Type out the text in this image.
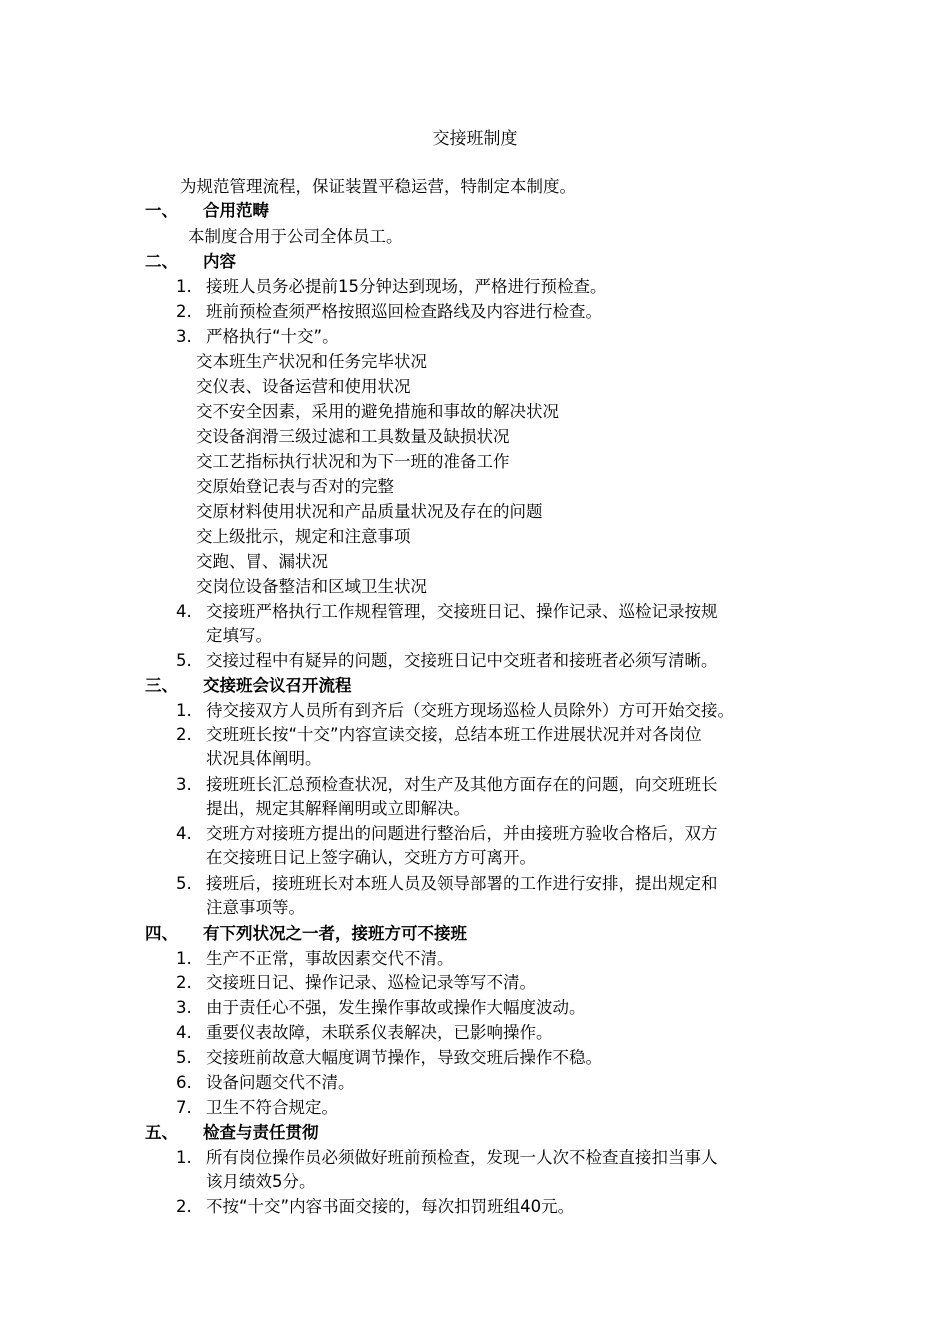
交接班制度
为规范管理流程，保证装置平稳运营，特制定本制度。
一、 合用范畴
本制度合用于公司全体员工。
二、 内容
1. 接班人员务必提前15分钟达到现场，严格进行预检查。
2. 班前预检查须严格按照巡回检查路线及内容进行检查。
3. 严格执行“十交”。
交本班生产状况和任务完毕状况
交仪表、设备运营和使用状况
交不安全因素，采用的避免措施和事故的解决状况
交设备润滑三级过滤和工具数量及缺损状况
交工艺指标执行状况和为下一班的准备工作
交原始登记表与否对的完整
交原材料使用状况和产品质量状况及存在的问题
交上级批示，规定和注意事项
交跑、冒、漏状况
交岗位设备整洁和区域卫生状况
4. 交接班严格执行工作规程管理，交接班日记、操作记录、巡检记录按规
定填写。
5. 交接过程中有疑异的问题，交接班日记中交班者和接班者必须写清晰。
三、 交接班会议召开流程
1. 待交接双方人员所有到齐后（交班方现场巡检人员除外）方可开始交接。
2. 交班班长按“十交”内容宣读交接，总结本班工作进展状况并对各岗位
状况具体阐明。
3. 接班班长汇总预检查状况，对生产及其他方面存在的问题，向交班班长
提出，规定其解释阐明或立即解决。
4. 交班方对接班方提出的问题进行整治后，并由接班方验收合格后，双方
在交接班日记上签字确认，交班方方可离开。
5. 接班后，接班班长对本班人员及领导部署的工作进行安排，提出规定和
注意事项等。
四、 有下列状况之一者，接班方可不接班
1. 生产不正常，事故因素交代不清。
2. 交接班日记、操作记录、巡检记录等写不清。
3. 由于责任心不强，发生操作事故或操作大幅度波动。
4. 重要仪表故障，未联系仪表解决，已影响操作。
5. 交接班前故意大幅度调节操作，导致交班后操作不稳。
6. 设备问题交代不清。
7. 卫生不符合规定。
五、 检查与责任贯彻
1. 所有岗位操作员必须做好班前预检查，发现一人次不检查直接扣当事人
该月绩效5分。
2. 不按“十交”内容书面交接的，每次扣罚班组40元。
